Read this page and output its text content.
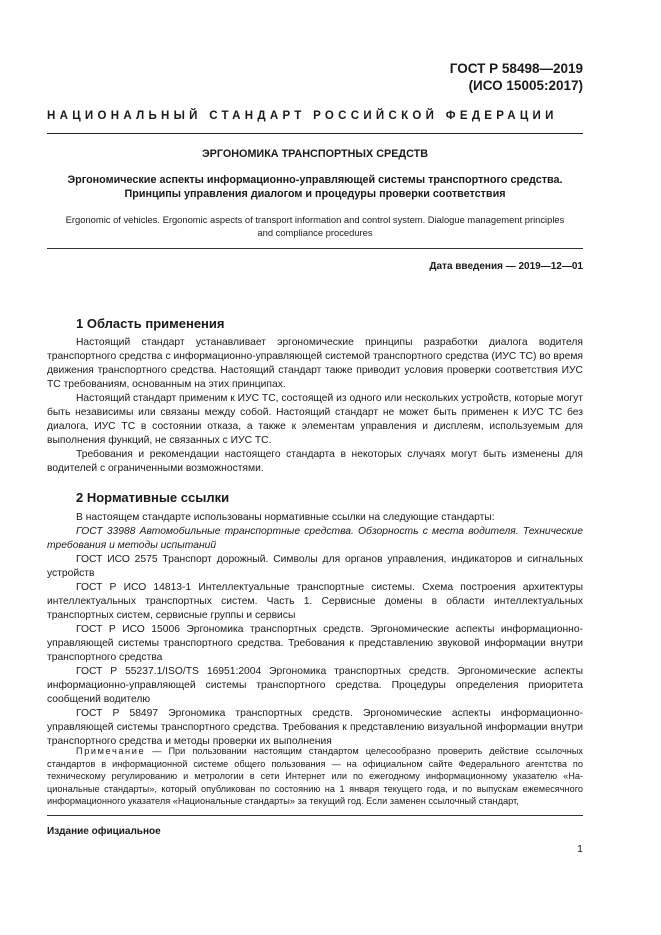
ГОСТ Р 58498—2019
(ИСО 15005:2017)
НАЦИОНАЛЬНЫЙ СТАНДАРТ РОССИЙСКОЙ ФЕДЕРАЦИИ
ЭРГОНОМИКА ТРАНСПОРТНЫХ СРЕДСТВ
Эргономические аспекты информационно-управляющей системы транспортного средства.
Принципы управления диалогом и процедуры проверки соответствия
Ergonomic of vehicles. Ergonomic aspects of transport information and control system. Dialogue management principles
and compliance procedures
Дата введения — 2019—12—01
1 Область применения

Настоящий стандарт устанавливает эргономические принципы разработки диалога водителя транспортного средства с информационно-управляющей системой транспортного средства (ИУС ТС) во время движения транспортного средства. Настоящий стандарт также приводит условия проверки соответствия ИУС ТС требованиям, основанным на этих принципах.

Настоящий стандарт применим к ИУС ТС, состоящей из одного или нескольких устройств, которые могут быть независимы или связаны между собой. Настоящий стандарт не может быть применен к ИУС ТС без диалога, ИУС ТС в состоянии отказа, а также к элементам управления и дисплеям, используемым для выполнения функций, не связанных с ИУС ТС.

Требования и рекомендации настоящего стандарта в некоторых случаях могут быть изменены для водителей с ограниченными возможностями.

2 Нормативные ссылки

В настоящем стандарте использованы нормативные ссылки на следующие стандарты:

ГОСТ 33988 Автомобильные транспортные средства. Обзорность с места водителя. Технические требования и методы испытаний

ГОСТ ИСО 2575 Транспорт дорожный. Символы для органов управления, индикаторов и сигнальных устройств

ГОСТ Р ИСО 14813-1 Интеллектуальные транспортные системы. Схема построения архитектуры интеллектуальных транспортных систем. Часть 1. Сервисные домены в области интеллектуальных транспортных систем, сервисные группы и сервисы

ГОСТ Р ИСО 15006 Эргономика транспортных средств. Эргономические аспекты информационно-управляющей системы транспортного средства. Требования к представлению звуковой информации внутри транспортного средства

ГОСТ Р 55237.1/ISO/TS 16951:2004 Эргономика транспортных средств. Эргономические аспекты информационно-управляющей системы транспортного средства. Процедуры определения приоритета сообщений водителю

ГОСТ Р 58497 Эргономика транспортных средств. Эргономические аспекты информационно-управляющей системы транспортного средства. Требования к представлению визуальной информации внутри транспортного средства и методы проверки их выполнения

Примечание — При пользовании настоящим стандартом целесообразно проверить действие ссылочных стандартов в информационной системе общего пользования — на официальном сайте Федерального агентства по техническому регулированию и метрологии в сети Интернет или по ежегодному информационному указателю «Национальные стандарты», который опубликован по состоянию на 1 января текущего года, и по выпускам ежемесячного информационного указателя «Национальные стандарты» за текущий год. Если заменен ссылочный стандарт,
Издание официальное
1
